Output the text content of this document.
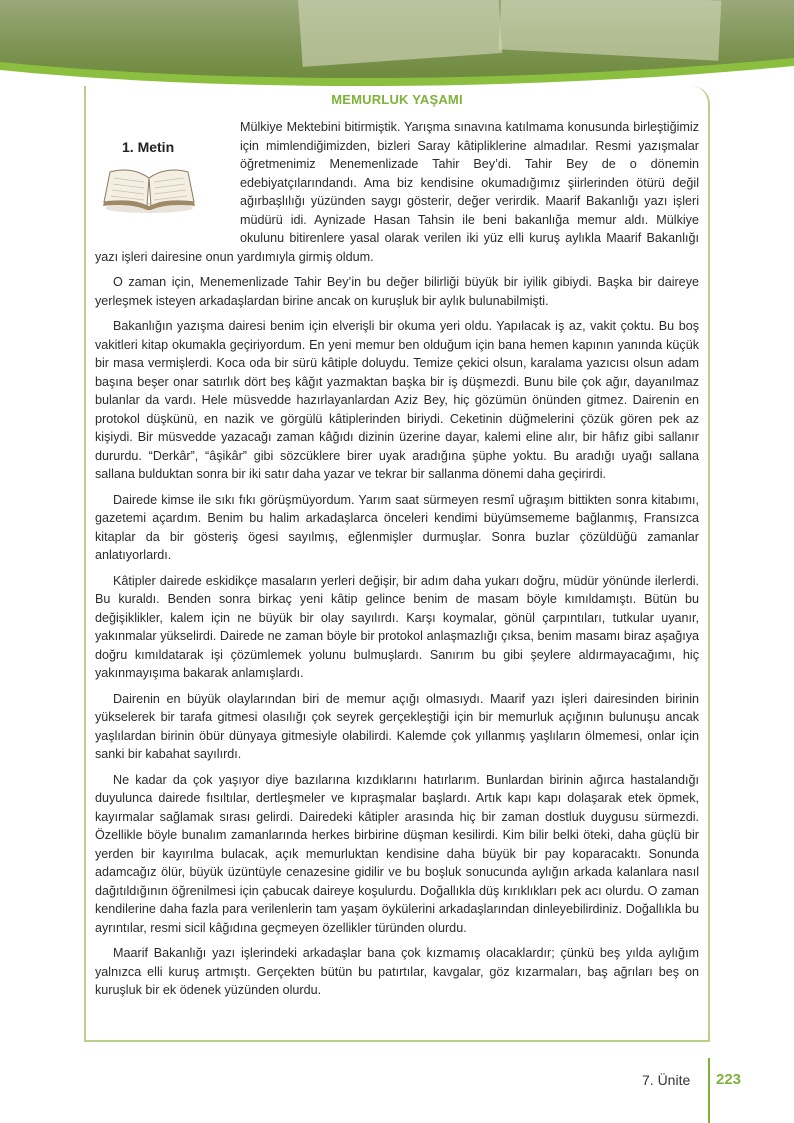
MEMURLUK YAŞAMI
1. Metin

Mülkiye Mektebini bitirmiştik. Yarışma sınavına katılmama konusunda birleştiğimiz için mimlendiğimizden, bizleri Saray kâtipliklerine almadılar. Resmi yazışmalar öğretmenimiz Menemenlizade Tahir Bey’di. Tahir Bey de o dönemin edebiyatçılarındandı. Ama biz kendisine okumadığımız şiirlerinden ötürü değil ağırbaşlılığı yüzünden saygı gösterir, değer verirdik. Maarif Bakanlığı yazı işleri müdürü idi. Aynizade Hasan Tahsin ile beni bakanlığa memur aldı. Mülkiye okulunu bitirenlere yasal olarak verilen iki yüz elli kuruş aylıkla Maarif Bakanlığı yazı işleri dairesine onun yardımıyla girmiş oldum.

O zaman için, Menemenlizade Tahir Bey’in bu değer bilirliği büyük bir iyilik gibiydi. Başka bir daireye yerleşmek isteyen arkadaşlardan birine ancak on kuruşluk bir aylık bulunabilmişti.

Bakanlığın yazışma dairesi benim için elverişli bir okuma yeri oldu. Yapılacak iş az, vakit çoktu. Bu boş vakitleri kitap okumakla geçiriyordum. En yeni memur ben olduğum için bana hemen kapının yanında küçük bir masa vermişlerdi. Koca oda bir sürü kâtiple doluydu. Temize çekici olsun, karalama yazıcısı olsun adam başına beşer onar satırlık dört beş kâğıt yazmaktan başka bir iş düşmezdi. Bunu bile çok ağır, dayanılmaz bulanlar da vardı. Hele müsvedde hazırlayanlardan Aziz Bey, hiç gözümün önünden gitmez. Dairenin en protokol düşkünü, en nazik ve görgülü kâtiplerinden biriydi. Ceketinin düğmelerini çözük gören pek az kişiydi. Bir müsvedde yazacağı zaman kâğıdı dizinin üzerine dayar, kalemi eline alır, bir hâfız gibi sallanır dururdu. “Derkâr”, “âşikâr” gibi sözcüklere birer uyak aradığına şüphe yoktu. Bu aradığı uyağı sallana sallana bulduktan sonra bir iki satır daha yazar ve tekrar bir sallanma dönemi daha geçirirdi.

Dairede kimse ile sıkı fıkı görüşmüyordum. Yarım saat sürmeyen resmî uğraşım bittikten sonra kitabımı, gazetemi açardım. Benim bu halim arkadaşlarca önceleri kendimi büyümsememe bağlanmış, Fransızca kitaplar da bir gösteriş ögesi sayılmış, eğlenmişler durmuşlar. Sonra buzlar çözüldüğü zamanlar anlatıyorlardı.

Kâtipler dairede eskidikçe masaların yerleri değişir, bir adım daha yukarı doğru, müdür yönünde ilerlerdi. Bu kuraldı. Benden sonra birkaç yeni kâtip gelince benim de masam böyle kımıldamıştı. Bütün bu değişiklikler, kalem için ne büyük bir olay sayılırdı. Karşı koymalar, gönül çarpıntıları, tutkular uyanır, yakınmalar yükselirdi. Dairede ne zaman böyle bir protokol anlaşmazlığı çıksa, benim masamı biraz aşağıya doğru kımıldatarak işi çözümlemek yolunu bulmuşlardı. Sanırım bu gibi şeylere aldırmayacağımı, hiç yakınmayışıma bakarak anlamışlardı.

Dairenin en büyük olaylarından biri de memur açığı olmasıydı. Maarif yazı işleri dairesinden birinin yükselerek bir tarafa gitmesi olasılığı çok seyrek gerçekleştiği için bir memurluk açığının bulunuşu ancak yaşlılardan birinin öbür dünyaya gitmesiyle olabilirdi. Kalemde çok yıllanmış yaşlıların ölmemesi, onlar için sanki bir kabahat sayılırdı.

Ne kadar da çok yaşıyor diye bazılarına kızdıklarını hatırlarım. Bunlardan birinin ağırca hastalandığı duyulunca dairede fısıltılar, dertleşmeler ve kıpraşmalar başlardı. Artık kapı kapı dolaşarak etek öpmek, kayırmalar sağlamak sırası gelirdi. Dairedeki kâtipler arasında hiç bir zaman dostluk duygusu sürmezdi. Özellikle böyle bunalım zamanlarında herkes birbirine düşman kesilirdi. Kim bilir belki öteki, daha güçlü bir yerden bir kayırılma bulacak, açık memurluktan kendisine daha büyük bir pay koparacaktı. Sonunda adamcağız ölür, büyük üzüntüyle cenazesine gidilir ve bu boşluk sonucunda aylığın arkada kalanlara nasıl dağıtıldığının öğrenilmesi için çabucak daireye koşulurdu. Doğallıkla düş kırıklıkları pek acı olurdu. O zaman kendilerine daha fazla para verilenlerin tam yaşam öykülerini arkadaşlarından dinleyebilirdiniz. Doğallıkla bu ayrıntılar, resmi sicil kâğıdına geçmeyen özellikler türünden olurdu.

Maarif Bakanlığı yazı işlerindeki arkadaşlar bana çok kızmamış olacaklardır; çünkü beş yılda aylığım yalnızca elli kuruş artmıştı. Gerçekten bütün bu patırtılar, kavgalar, göz kızarmaları, baş ağrıları beş on kuruşluk bir ek ödenek yüzünden olurdu.

7. Ünite 223
